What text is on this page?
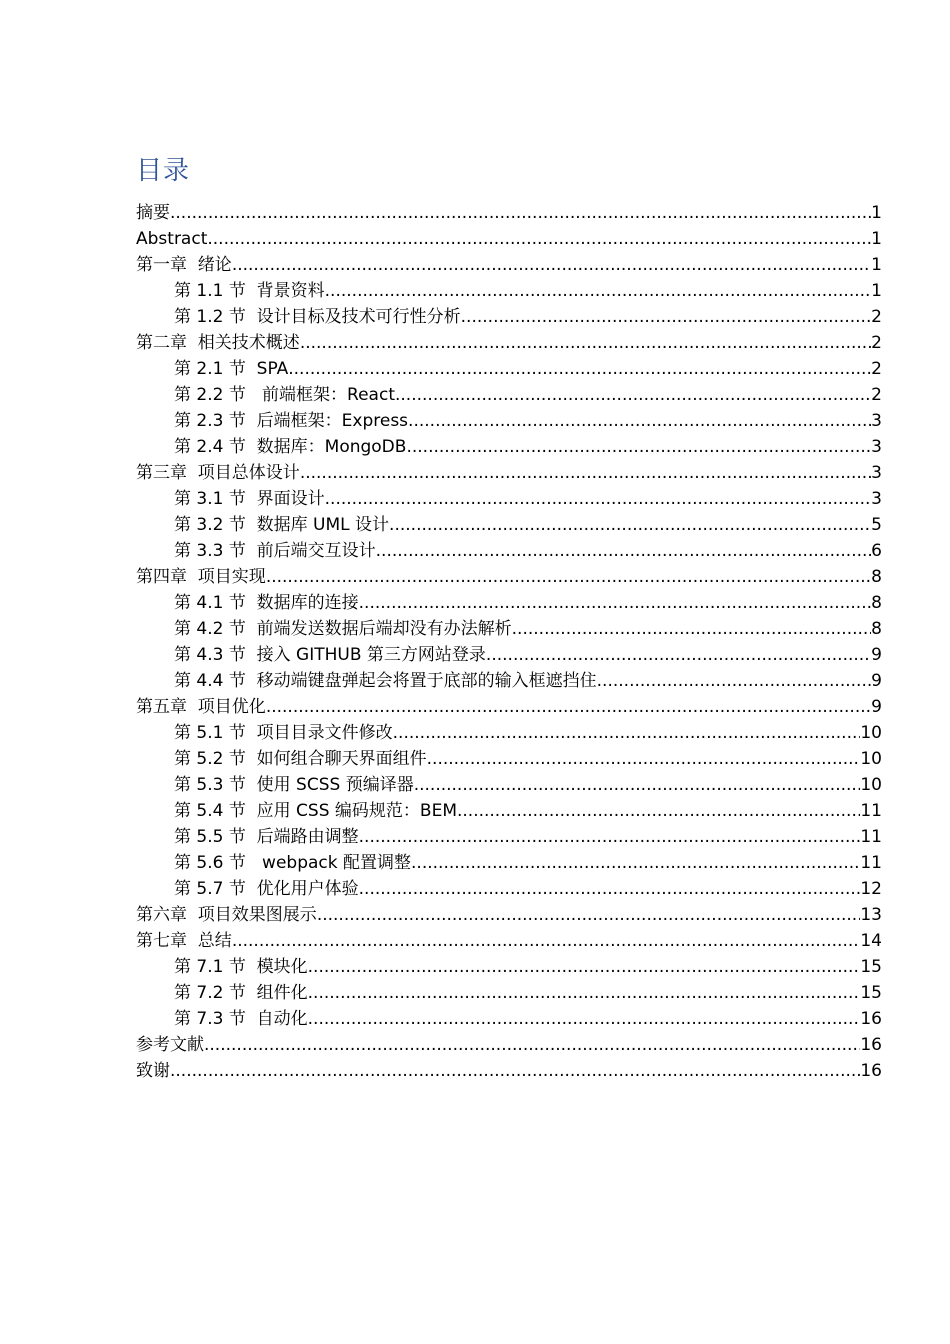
目录
摘要 .....	1
Abstract .....	1
第一章  绪论 .....	1
第 1.1 节  背景资料 .....	1
第 1.2 节  设计目标及技术可行性分析 .....	2
第二章  相关技术概述 .....	2
第 2.1 节  SPA .....	2
第 2.2 节   前端框架：React .....	2
第 2.3 节  后端框架：Express .....	3
第 2.4 节  数据库：MongoDB .....	3
第三章  项目总体设计 .....	3
第 3.1 节  界面设计 .....	3
第 3.2 节  数据库 UML 设计 .....	5
第 3.3 节  前后端交互设计 .....	6
第四章  项目实现 .....	8
第 4.1 节  数据库的连接 .....	8
第 4.2 节  前端发送数据后端却没有办法解析 .....	8
第 4.3 节  接入 GITHUB 第三方网站登录 .....	9
第 4.4 节  移动端键盘弹起会将置于底部的输入框遮挡住 .....	9
第五章  项目优化 .....	9
第 5.1 节  项目目录文件修改 .....	10
第 5.2 节  如何组合聊天界面组件 .....	10
第 5.3 节  使用 SCSS 预编译器 .....	10
第 5.4 节  应用 CSS 编码规范：BEM .....	11
第 5.5 节  后端路由调整 .....	11
第 5.6 节   webpack 配置调整 .....	11
第 5.7 节  优化用户体验 .....	12
第六章  项目效果图展示 .....	13
第七章  总结 .....	14
第 7.1 节  模块化 .....	15
第 7.2 节  组件化 .....	15
第 7.3 节  自动化 .....	16
参考文献 .....	16
致谢 .....	16
